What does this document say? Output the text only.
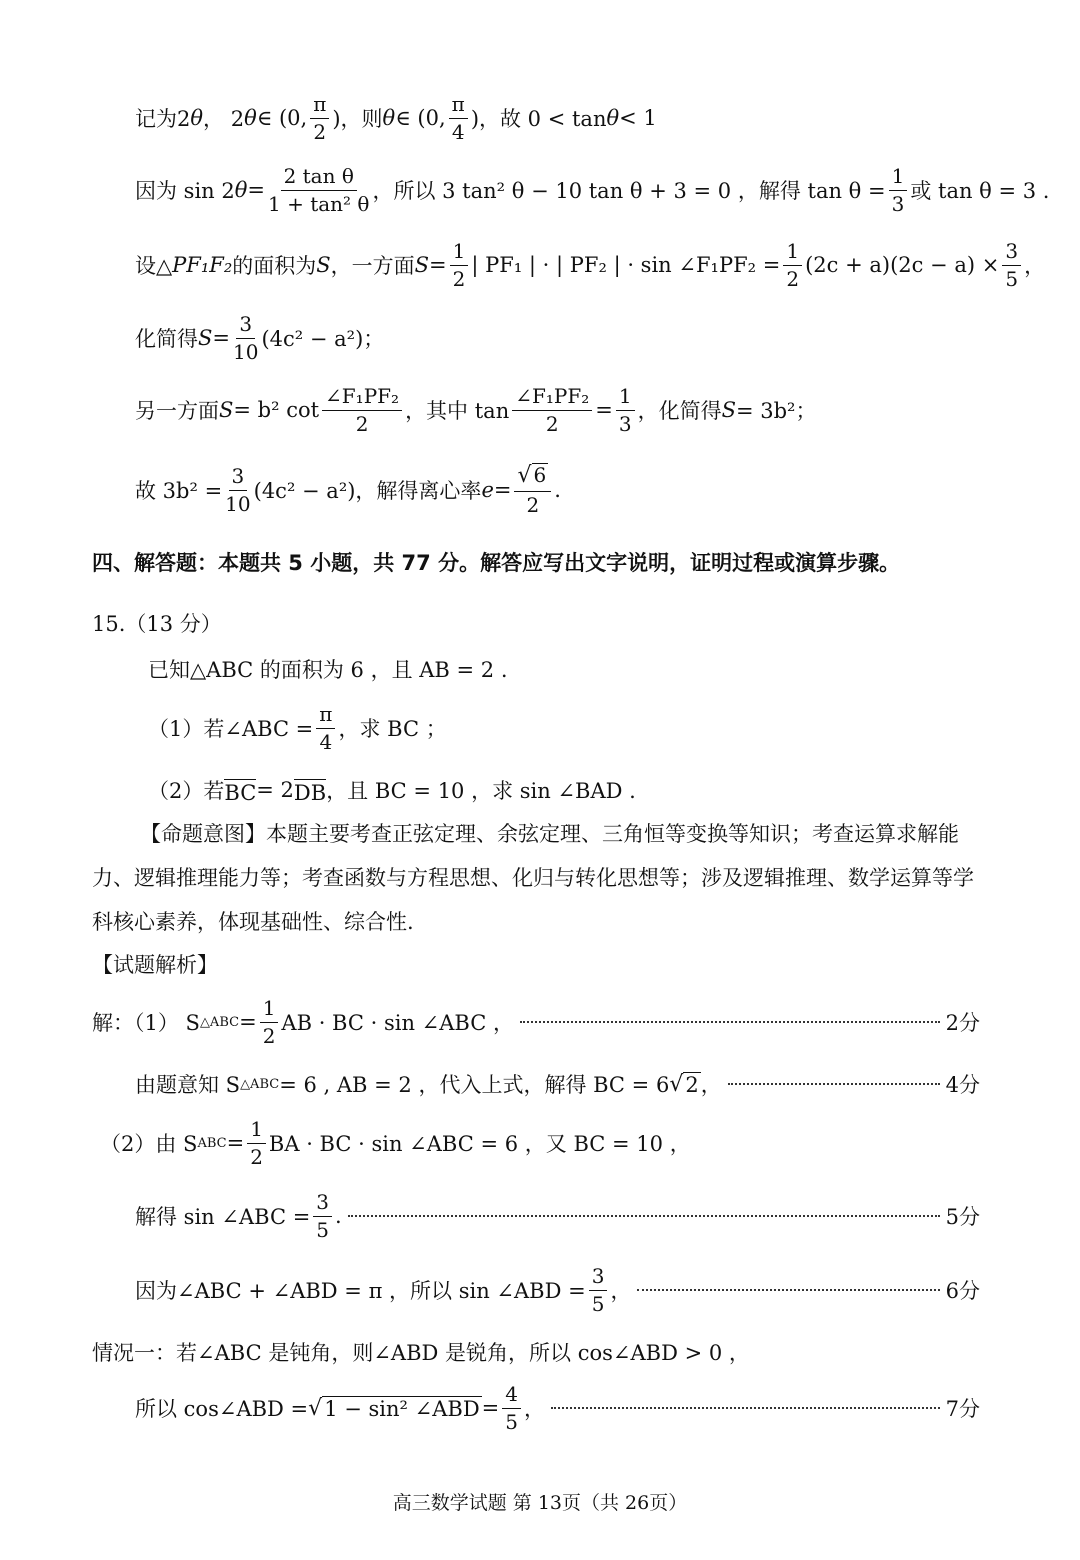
记为2 θ ， 2 θ ∈ (0, $\frac{\pi}{2}$ )，则 θ ∈ (0, $\frac{\pi}{4}$ )，故 0 < tan θ < 1
因为 sin 2 $\theta = \frac{\text{2 tan θ}}{\text{1 + tan² θ}}$ ，所以 3 tan² θ − 10 tan θ + 3 = 0 ，解得 $\tan \theta = \frac{1}{3}$ 或 tan θ = 3 .
设△ PF₁F₂ 的面积为 S ，一方面 $S = \frac{1}{2}$ | PF₁ | · | PF₂ | · sin ∠F₁PF₂ = $\frac{1}{2} (2c + a)(2c - a) \times \frac{3}{5}$ ，
化简得 $S = \frac{3}{10} (4c^2 - a^2)$；
另一方面 S = b² $\cot \frac{\text{∠F₁PF₂}}{2}$ ，其中 $\tan \frac{\text{∠F₁PF₂}}{2} = \frac{1}{3}$ ，化简得 S = 3b²；
故 $3b^2 = \frac{3}{10} (4c^2 - a^2)$，解得离心率 $e = \frac{√ 6}{2}$ .
四、解答题：本题共 5 小题，共 77 分。解答应写出文字说明，证明过程或演算步骤。
15.（13 分）
已知△ABC 的面积为 6 ，且 AB = 2 .
（1）若∠ABC = $\frac{\pi}{4}$ ，求 BC ；
（2）若 BC = 2 DB ，且 BC = 10 ，求 sin ∠BAD .
【命题意图】本题主要考查正弦定理、余弦定理、三角恒等变换等知识；考查运算求解能力、逻辑推理能力等；考查函数与方程思想、化归与转化思想等；涉及逻辑推理、数学运算等学科核心素养，体现基础性、综合性.
【试题解析】
解：（1） S △ABC = $\frac{1}{2}$ AB · BC · sin ∠ABC ，	2分
由题意知 S △ABC = 6 , AB = 2 ，代入上式，解得 BC = 6 √ 2 ，	4分
（2）由 S ABC = $\frac{1}{2}$ BA · BC · sin ∠ABC = 6 ，又 BC = 10 ，
解得 sin ∠ABC = $\frac{3}{5}$ .	5分
因为∠ABC + ∠ABD = π ，所以 sin ∠ABD = $\frac{3}{5}$ ，	6分
情况一：若∠ABC 是钝角，则∠ABD 是锐角，所以 cos∠ABD > 0 ，
所以 cos∠ABD = √ 1 − sin² ∠ABD = $\frac{4}{5}$ ，	7分
高三数学试题 第 13页（共 26页）
